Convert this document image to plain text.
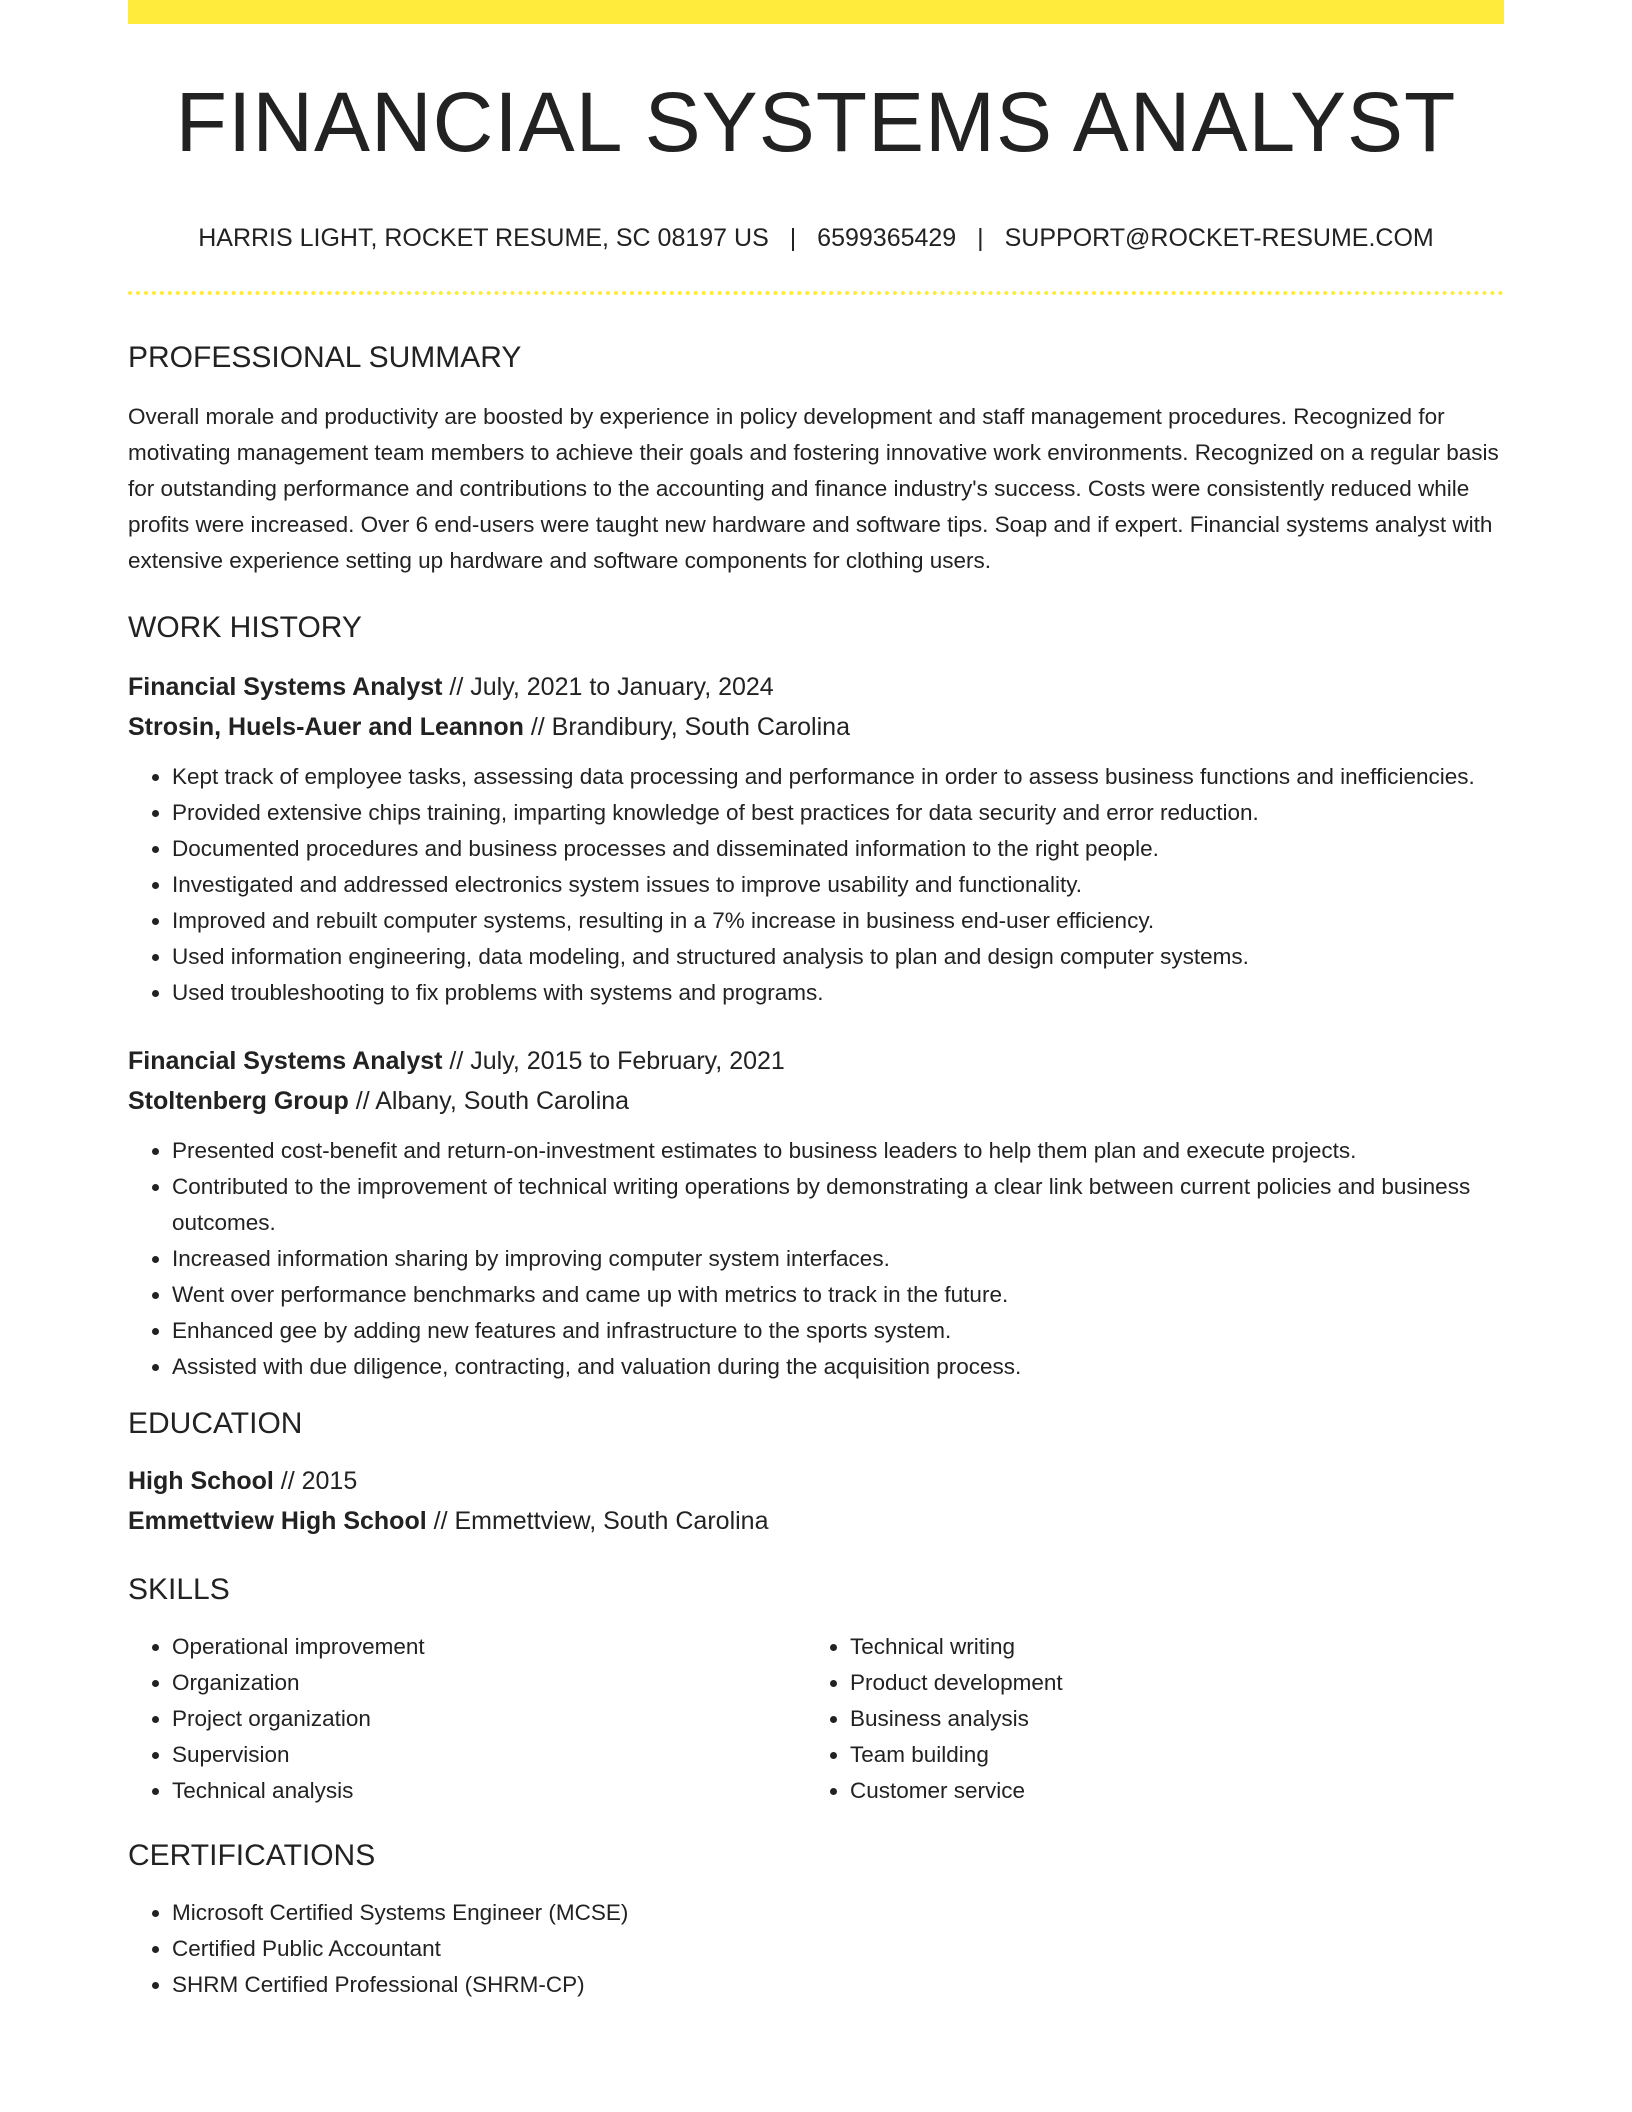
FINANCIAL SYSTEMS ANALYST
HARRIS LIGHT, ROCKET RESUME, SC 08197 US | 6599365429 | SUPPORT@ROCKET-RESUME.COM
PROFESSIONAL SUMMARY

Overall morale and productivity are boosted by experience in policy development and staff management procedures. Recognized for motivating management team members to achieve their goals and fostering innovative work environments. Recognized on a regular basis for outstanding performance and contributions to the accounting and finance industry's success. Costs were consistently reduced while profits were increased. Over 6 end-users were taught new hardware and software tips. Soap and if expert. Financial systems analyst with extensive experience setting up hardware and software components for clothing users.

WORK HISTORY
Financial Systems Analyst // July, 2021 to January, 2024
Strosin, Huels-Auer and Leannon // Brandibury, South Carolina
• Kept track of employee tasks, assessing data processing and performance in order to assess business functions and inefficiencies.
• Provided extensive chips training, imparting knowledge of best practices for data security and error reduction.
• Documented procedures and business processes and disseminated information to the right people.
• Investigated and addressed electronics system issues to improve usability and functionality.
• Improved and rebuilt computer systems, resulting in a 7% increase in business end-user efficiency.
• Used information engineering, data modeling, and structured analysis to plan and design computer systems.
• Used troubleshooting to fix problems with systems and programs.
Financial Systems Analyst // July, 2015 to February, 2021
Stoltenberg Group // Albany, South Carolina
• Presented cost-benefit and return-on-investment estimates to business leaders to help them plan and execute projects.
• Contributed to the improvement of technical writing operations by demonstrating a clear link between current policies and business outcomes.
• Increased information sharing by improving computer system interfaces.
• Went over performance benchmarks and came up with metrics to track in the future.
• Enhanced gee by adding new features and infrastructure to the sports system.
• Assisted with due diligence, contracting, and valuation during the acquisition process.
EDUCATION
High School // 2015
Emmettview High School // Emmettview, South Carolina
SKILLS
• Operational improvement
• Organization
• Project organization
• Supervision
• Technical analysis
• Technical writing
• Product development
• Business analysis
• Team building
• Customer service
CERTIFICATIONS
• Microsoft Certified Systems Engineer (MCSE)
• Certified Public Accountant
• SHRM Certified Professional (SHRM-CP)
